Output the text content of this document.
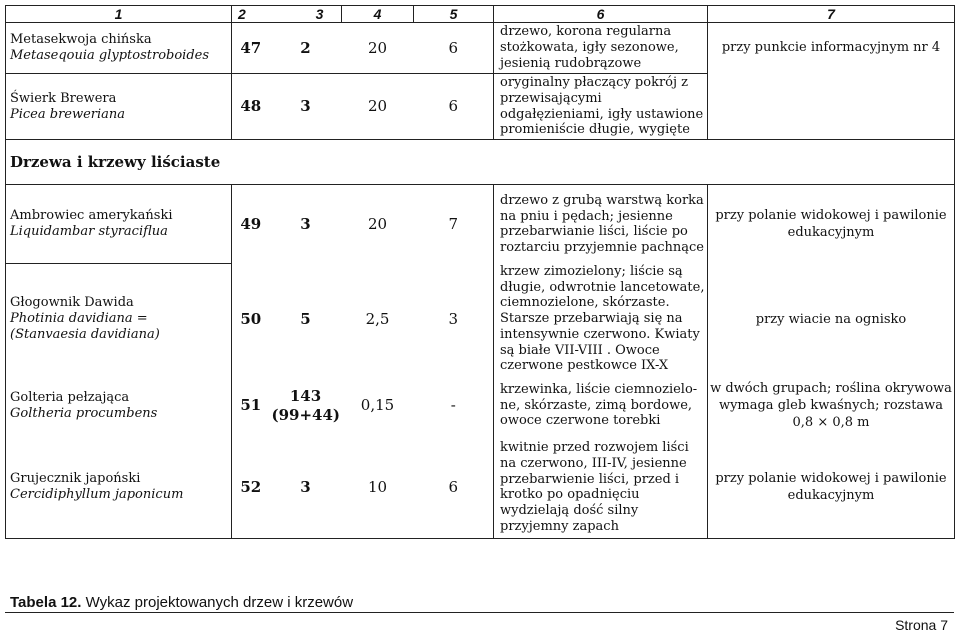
1	2 3		4	5	6	7

Metasekwoja chińska
Metaseqouia glyptostroboides	47	2	20	6	drzewo, korona regularna stożkowata, igły sezonowe, jesienią rudobrązowe	przy punkcie informacyjnym nr 4

Świerk Brewera
Picea breweriana	48	3	20	6	oryginalny płaczący pokrój z przewisającymi odgałęzieniami, igły ustawione promieniście długie, wygięte	
Drzewa i krzewy liściaste						

Ambrowiec amerykański
Liquidambar styraciflua	49	3	20	7	drzewo z grubą warstwą korka na pniu i pędach; jesienne przebarwianie liści, liście po roztarciu przyjemnie pachnące	przy polanie widokowej i pawilonie edukacyjnym

Głogownik Dawida
Photinia davidiana =
(Stanvaesia davidiana)	50	5	2,5	3	krzew zimozielony; liście są długie, odwrotnie lancetowate, ciemnozielone, skórzaste. Starsze przebarwiają się na intensywnie czerwono. Kwiaty są białe VII-VIII . Owoce czerwone pestkowce IX-X	przy wiacie na ognisko

Golteria pełzająca
Goltheria procumbens	51	143 (99+44)	0,15	-	krzewinka, liście ciemnozielo-ne, skórzaste, zimą bordowe, owoce czerwone torebki	w dwóch grupach; roślina okrywowa wymaga gleb kwaśnych; rozstawa 0,8 × 0,8 m

Grujecznik japoński
Cercidiphyllum japonicum	52	3	10	6	kwitnie przed rozwojem liści na czerwono, III-IV, jesienne przebarwienie liści, przed i krotko po opadnięciu wydzielają dość silny przyjemny zapach	przy polanie widokowej i pawilonie edukacyjnym
Tabela 12. Wykaz projektowanych drzew i krzewów
Strona 7
